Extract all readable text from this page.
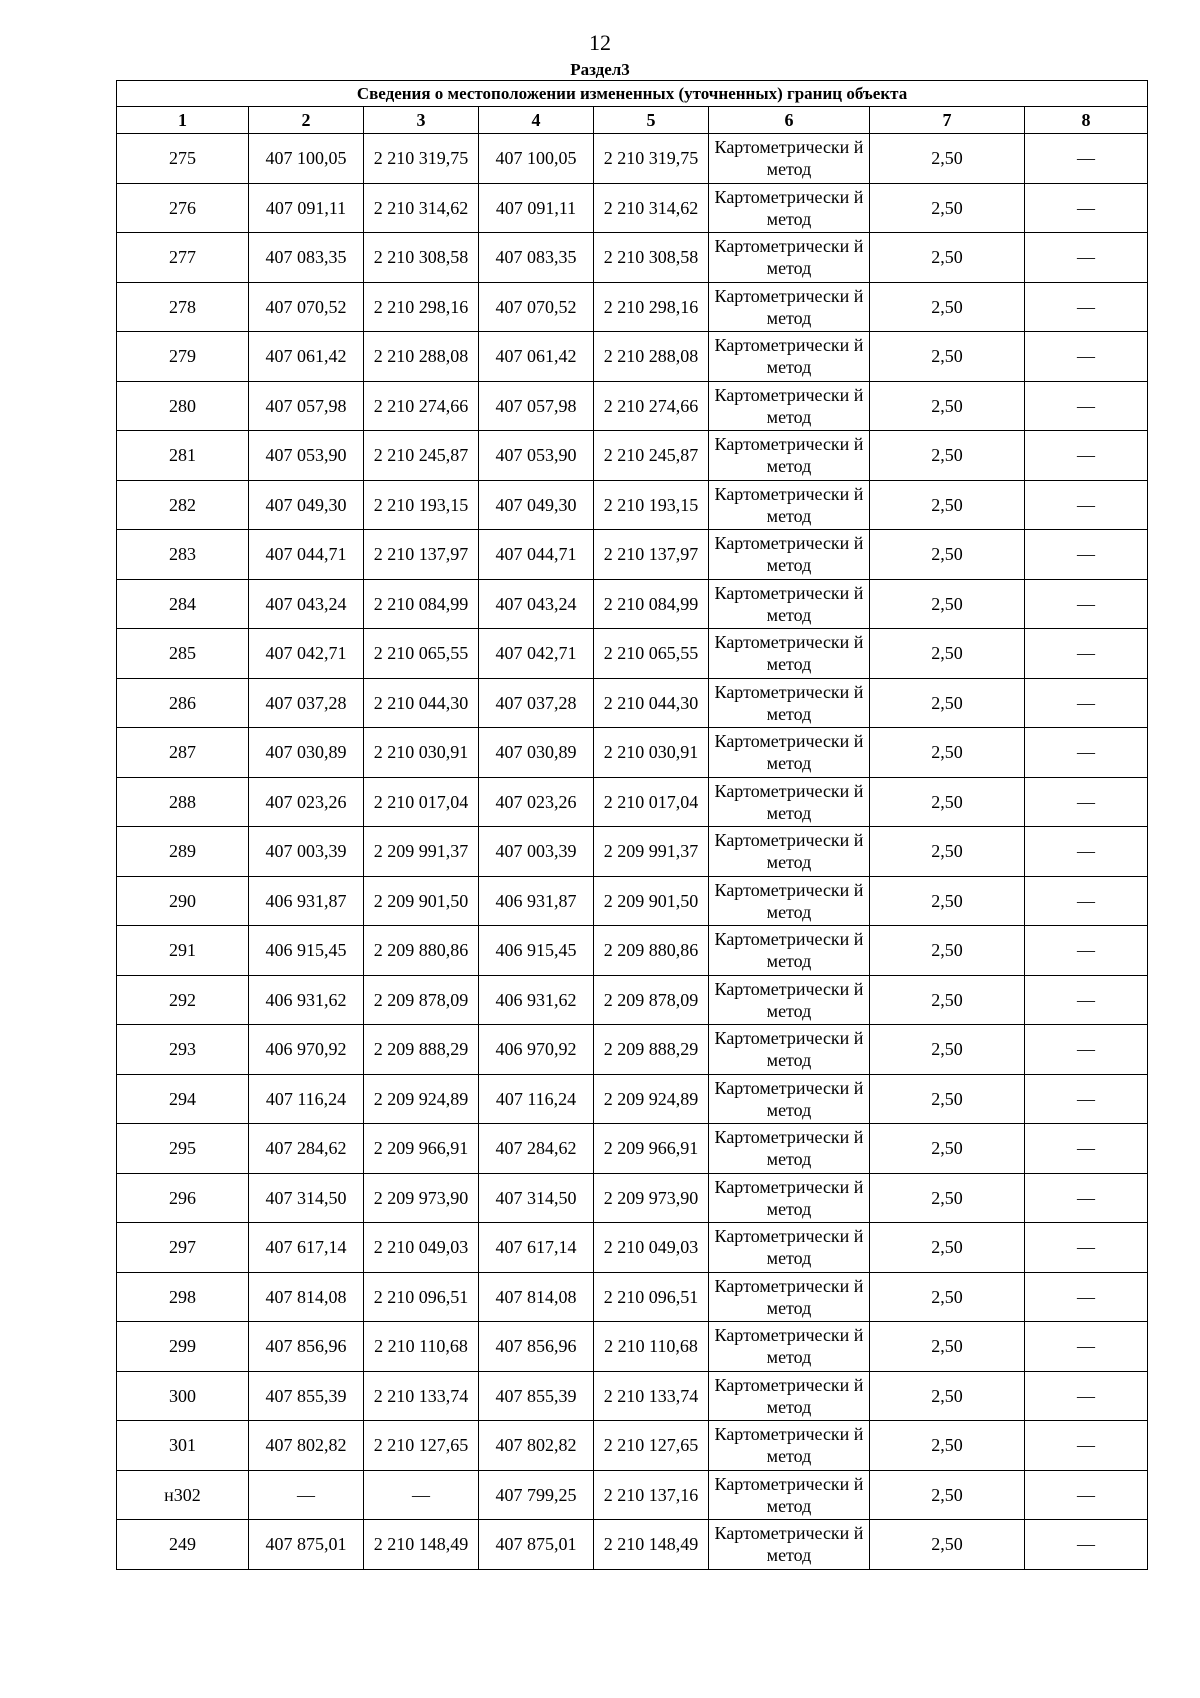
12
Раздел3
Сведения о местоположении измененных (уточненных) границ объекта							
1	2	3	4	5	6	7	8
275	407 100,05	2 210 319,75	407 100,05	2 210 319,75	Картометрически й метод	2,50	—
276	407 091,11	2 210 314,62	407 091,11	2 210 314,62	Картометрически й метод	2,50	—
277	407 083,35	2 210 308,58	407 083,35	2 210 308,58	Картометрически й метод	2,50	—
278	407 070,52	2 210 298,16	407 070,52	2 210 298,16	Картометрически й метод	2,50	—
279	407 061,42	2 210 288,08	407 061,42	2 210 288,08	Картометрически й метод	2,50	—
280	407 057,98	2 210 274,66	407 057,98	2 210 274,66	Картометрически й метод	2,50	—
281	407 053,90	2 210 245,87	407 053,90	2 210 245,87	Картометрически й метод	2,50	—
282	407 049,30	2 210 193,15	407 049,30	2 210 193,15	Картометрически й метод	2,50	—
283	407 044,71	2 210 137,97	407 044,71	2 210 137,97	Картометрически й метод	2,50	—
284	407 043,24	2 210 084,99	407 043,24	2 210 084,99	Картометрически й метод	2,50	—
285	407 042,71	2 210 065,55	407 042,71	2 210 065,55	Картометрически й метод	2,50	—
286	407 037,28	2 210 044,30	407 037,28	2 210 044,30	Картометрически й метод	2,50	—
287	407 030,89	2 210 030,91	407 030,89	2 210 030,91	Картометрически й метод	2,50	—
288	407 023,26	2 210 017,04	407 023,26	2 210 017,04	Картометрически й метод	2,50	—
289	407 003,39	2 209 991,37	407 003,39	2 209 991,37	Картометрически й метод	2,50	—
290	406 931,87	2 209 901,50	406 931,87	2 209 901,50	Картометрически й метод	2,50	—
291	406 915,45	2 209 880,86	406 915,45	2 209 880,86	Картометрически й метод	2,50	—
292	406 931,62	2 209 878,09	406 931,62	2 209 878,09	Картометрически й метод	2,50	—
293	406 970,92	2 209 888,29	406 970,92	2 209 888,29	Картометрически й метод	2,50	—
294	407 116,24	2 209 924,89	407 116,24	2 209 924,89	Картометрически й метод	2,50	—
295	407 284,62	2 209 966,91	407 284,62	2 209 966,91	Картометрически й метод	2,50	—
296	407 314,50	2 209 973,90	407 314,50	2 209 973,90	Картометрически й метод	2,50	—
297	407 617,14	2 210 049,03	407 617,14	2 210 049,03	Картометрически й метод	2,50	—
298	407 814,08	2 210 096,51	407 814,08	2 210 096,51	Картометрически й метод	2,50	—
299	407 856,96	2 210 110,68	407 856,96	2 210 110,68	Картометрически й метод	2,50	—
300	407 855,39	2 210 133,74	407 855,39	2 210 133,74	Картометрически й метод	2,50	—
301	407 802,82	2 210 127,65	407 802,82	2 210 127,65	Картометрически й метод	2,50	—
н302	—	—	407 799,25	2 210 137,16	Картометрически й метод	2,50	—
249	407 875,01	2 210 148,49	407 875,01	2 210 148,49	Картометрически й метод	2,50	—
